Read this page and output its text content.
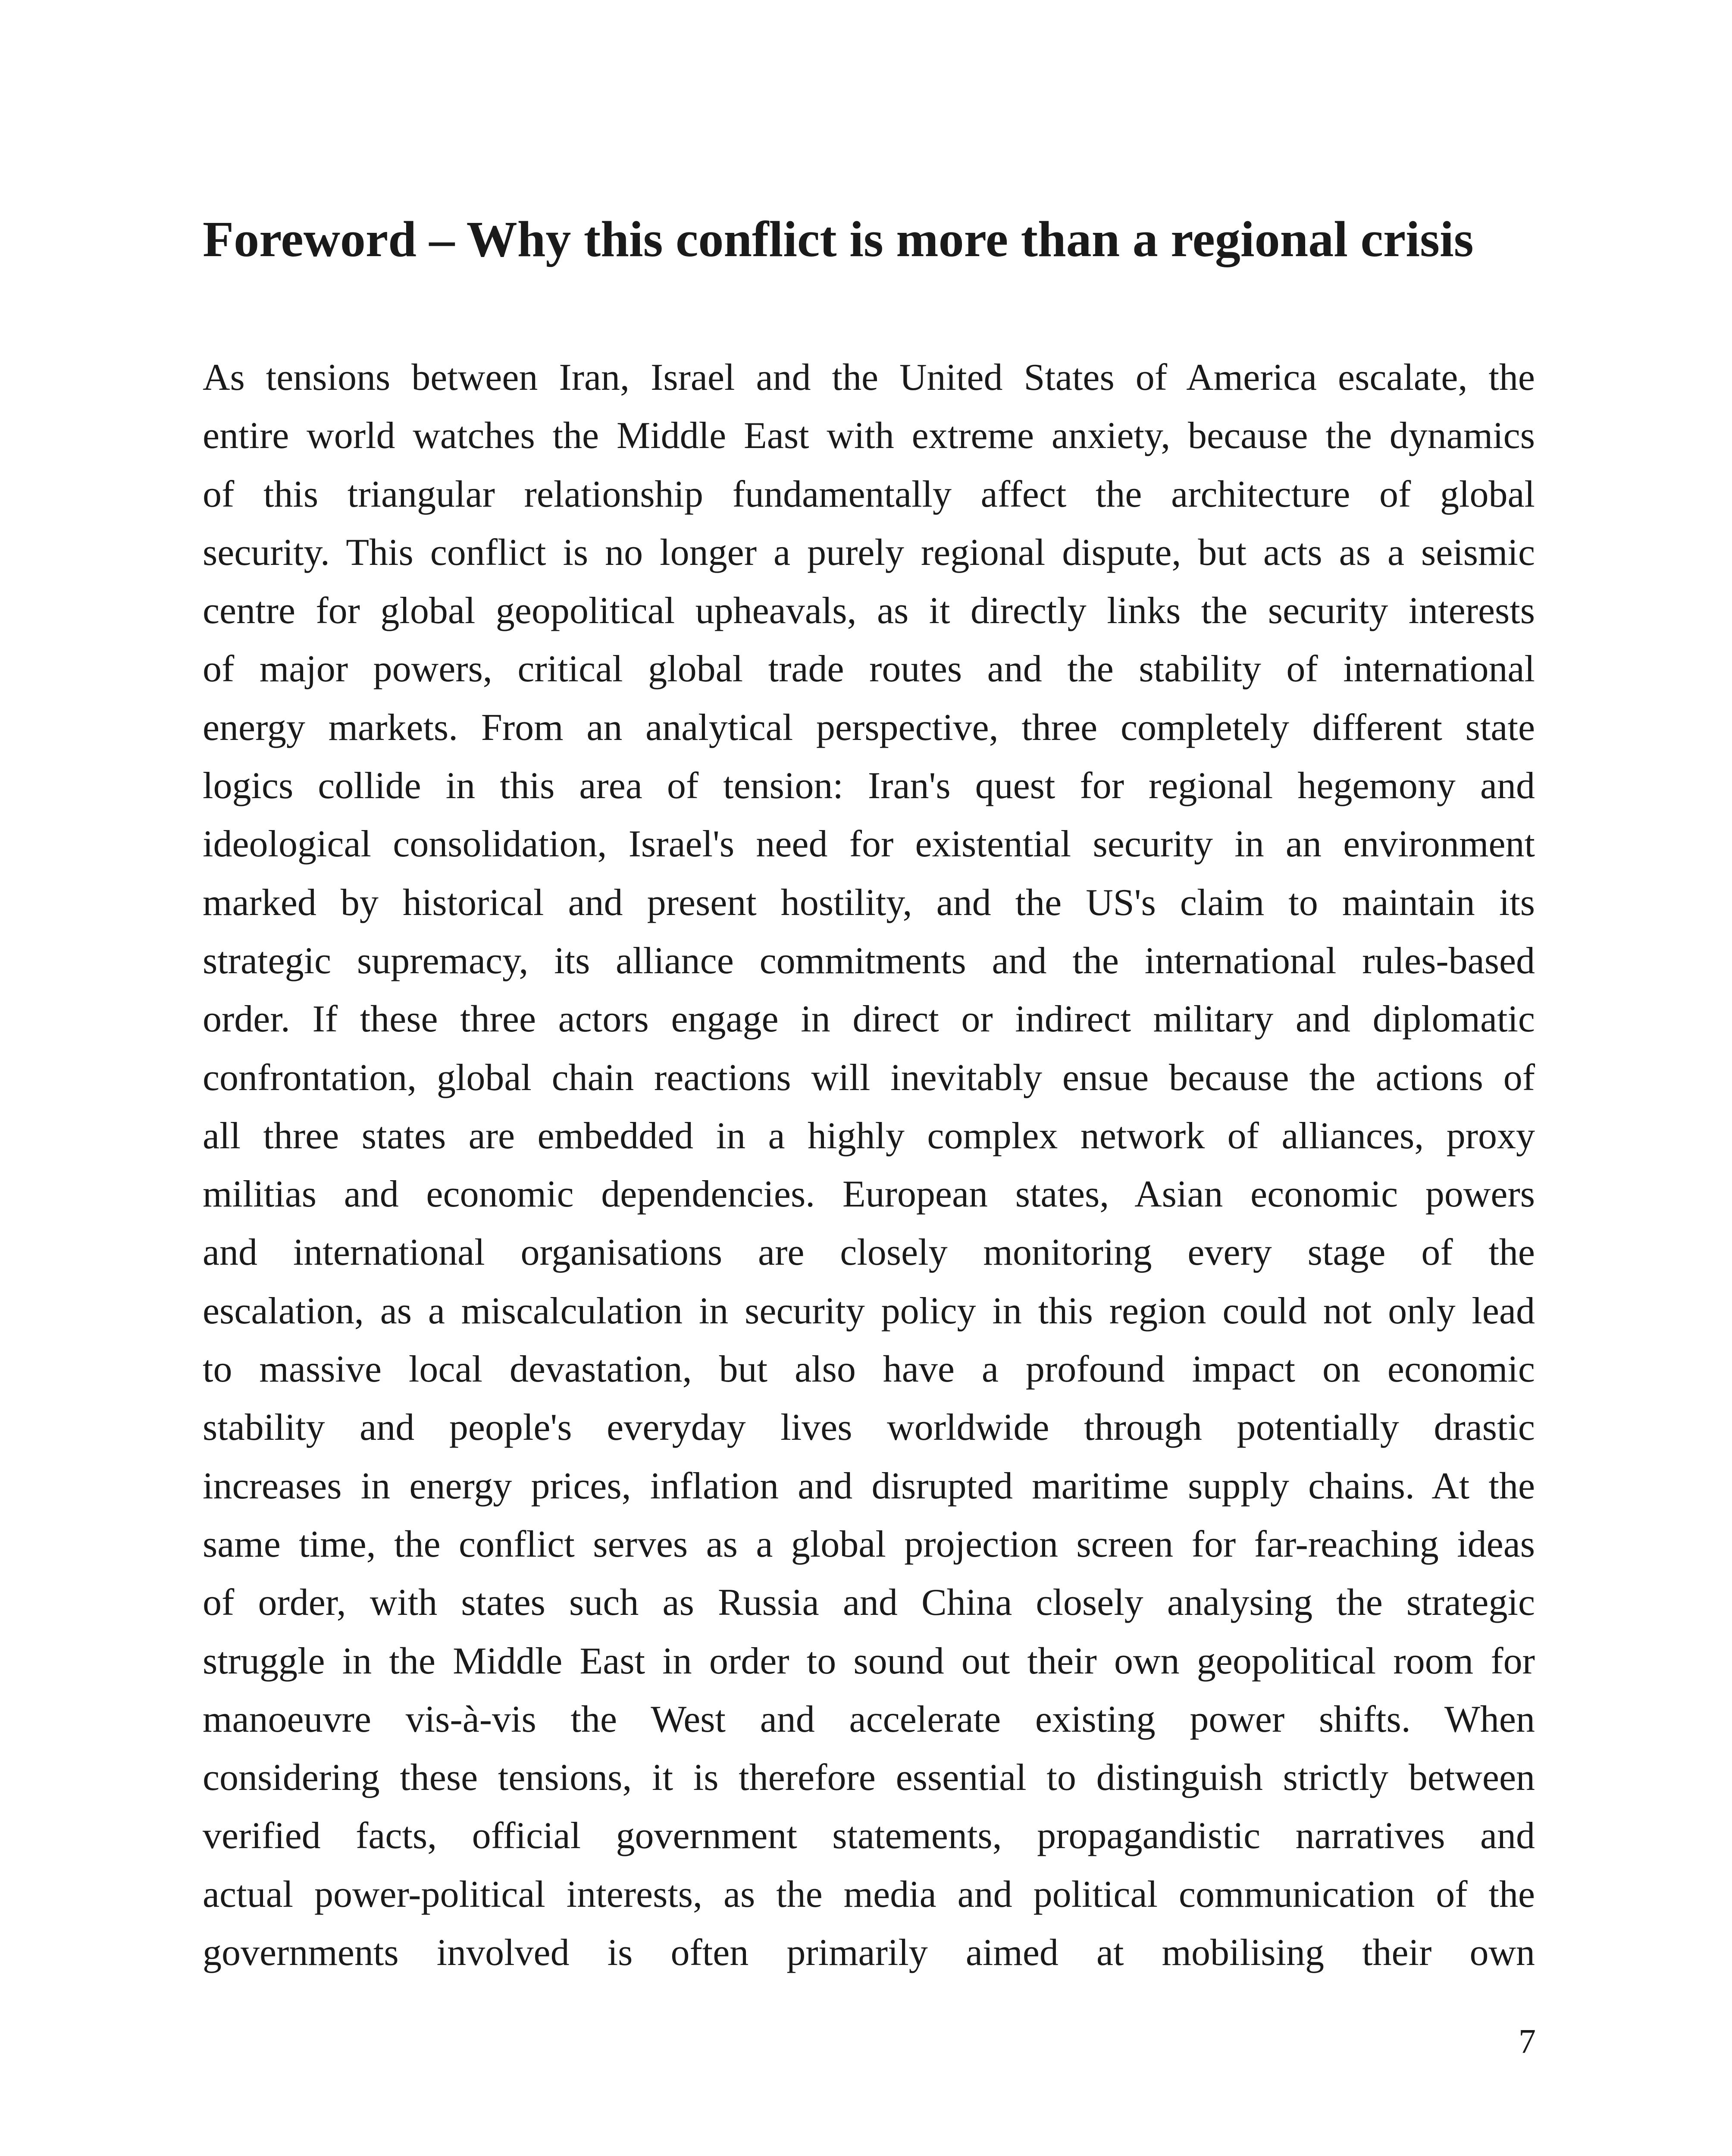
Foreword – Why this conflict is more than a regional crisis
As tensions between Iran, Israel and the United States of America escalate, the
entire world watches the Middle East with extreme anxiety, because the dynamics
of this triangular relationship fundamentally affect the architecture of global
security. This conflict is no longer a purely regional dispute, but acts as a seismic
centre for global geopolitical upheavals, as it directly links the security interests
of major powers, critical global trade routes and the stability of international
energy markets. From an analytical perspective, three completely different state
logics collide in this area of tension: Iran's quest for regional hegemony and
ideological consolidation, Israel's need for existential security in an environment
marked by historical and present hostility, and the US's claim to maintain its
strategic supremacy, its alliance commitments and the international rules-based
order. If these three actors engage in direct or indirect military and diplomatic
confrontation, global chain reactions will inevitably ensue because the actions of
all three states are embedded in a highly complex network of alliances, proxy
militias and economic dependencies. European states, Asian economic powers
and international organisations are closely monitoring every stage of the
escalation, as a miscalculation in security policy in this region could not only lead
to massive local devastation, but also have a profound impact on economic
stability and people's everyday lives worldwide through potentially drastic
increases in energy prices, inflation and disrupted maritime supply chains. At the
same time, the conflict serves as a global projection screen for far-reaching ideas
of order, with states such as Russia and China closely analysing the strategic
struggle in the Middle East in order to sound out their own geopolitical room for
manoeuvre vis-à-vis the West and accelerate existing power shifts. When
considering these tensions, it is therefore essential to distinguish strictly between
verified facts, official government statements, propagandistic narratives and
actual power-political interests, as the media and political communication of the
governments involved is often primarily aimed at mobilising their own
7
